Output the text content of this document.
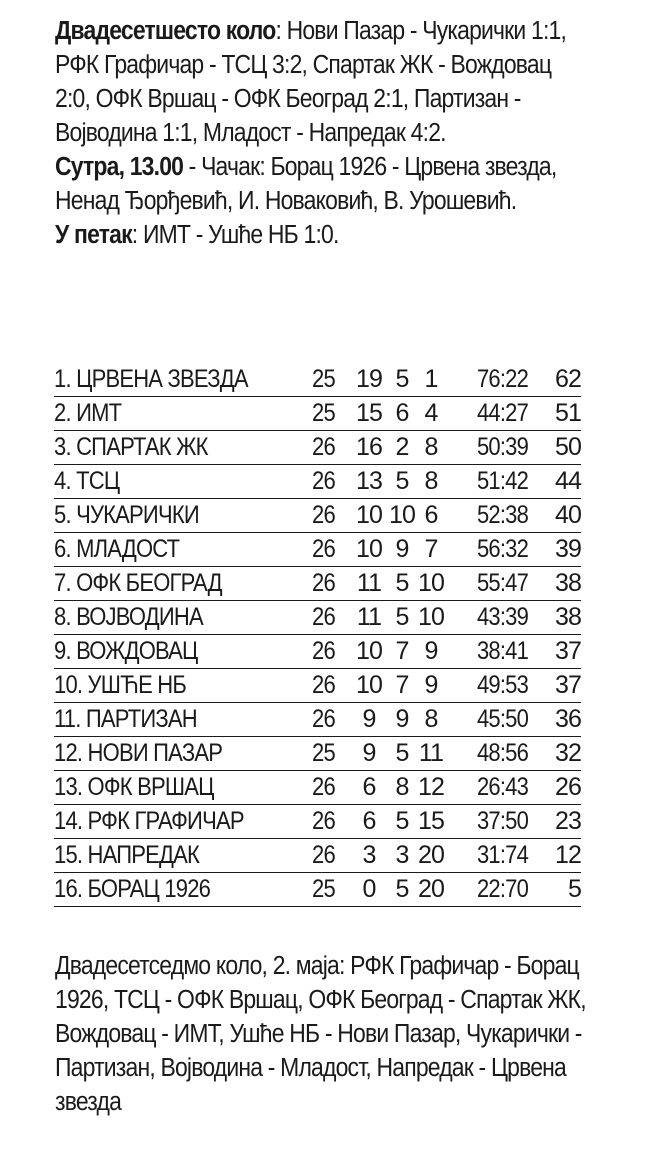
Двадесетшесто коло: Нови Пазар - Чукарички 1:1, РФК Графичар - ТСЦ 3:2, Спартак ЖК - Вождовац 2:0, ОФК Вршац - ОФК Београд 2:1, Партизан - Војводина 1:1, Младост - Напредак 4:2.

Сутра, 13.00 - Чачак: Борац 1926 - Црвена звезда, Ненад Ђорђевић, И. Новаковић, В. Урошевић.

У петак: ИМТ - Ушће НБ 1:0.

1. ЦРВЕНА ЗВЕЗДА	25	19	5	1	76:22	62
2. ИМТ	25	15	6	4	44:27	51
3. СПАРТАК ЖК	26	16	2	8	50:39	50
4. ТСЦ	26	13	5	8	51:42	44
5. ЧУКАРИЧКИ	26	10	10	6	52:38	40
6. МЛАДОСТ	26	10	9	7	56:32	39
7. ОФК БЕОГРАД	26	11	5	10	55:47	38
8. ВОЈВОДИНА	26	11	5	10	43:39	38
9. ВОЖДОВАЦ	26	10	7	9	38:41	37
10. УШЋЕ НБ	26	10	7	9	49:53	37
11. ПАРТИЗАН	26	9	9	8	45:50	36
12. НОВИ ПАЗАР	25	9	5	11	48:56	32
13. ОФК ВРШАЦ	26	6	8	12	26:43	26
14. РФК ГРАФИЧАР	26	6	5	15	37:50	23
15. НАПРЕДАК	26	3	3	20	31:74	12
16. БОРАЦ 1926	25	0	5	20	22:70	5

Двадесетседмо коло, 2. маја: РФК Графичар - Борац 1926, ТСЦ - ОФК Вршац, ОФК Београд - Спартак ЖК, Вождовац - ИМТ, Ушће НБ - Нови Пазар, Чукарички - Партизан, Војводина - Младост, Напредак - Црвена звезда
